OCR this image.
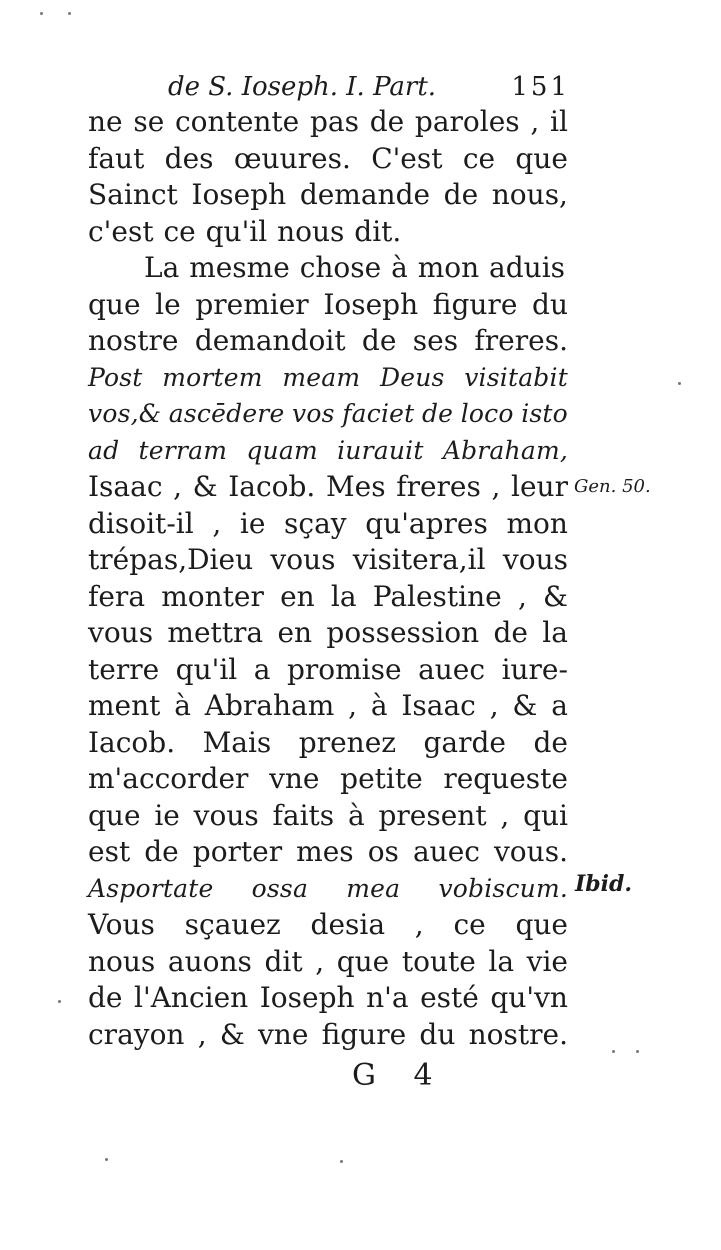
de S. Ioseph. I. Part.	151
ne se contente pas de paroles , il
faut des œuures. C'est ce que
Sainct Ioseph demande de nous,
c'est ce qu'il nous dit.
La mesme chose à mon aduis
que le premier Ioseph figure du
nostre demandoit de ses freres.
Post mortem meam Deus visitabit
vos,& ascēdere vos faciet de loco isto
ad terram quam iurauit Abraham,
Isaac , & Iacob. Mes freres , leur
disoit-il , ie sçay qu'apres mon
trépas,Dieu vous visitera,il vous
fera monter en la Palestine , &
vous mettra en possession de la
terre qu'il a promise auec iure-
ment à Abraham , à Isaac , & a
Iacob. Mais prenez garde de
m'accorder vne petite requeste
que ie vous faits à present , qui
est de porter mes os auec vous.
Asportate ossa mea vobiscum.
Vous sçauez desia , ce que
nous auons dit , que toute la vie
de l'Ancien Ioseph n'a esté qu'vn
crayon , & vne figure du nostre.
Gen. 50.
Ibid.
G 4
